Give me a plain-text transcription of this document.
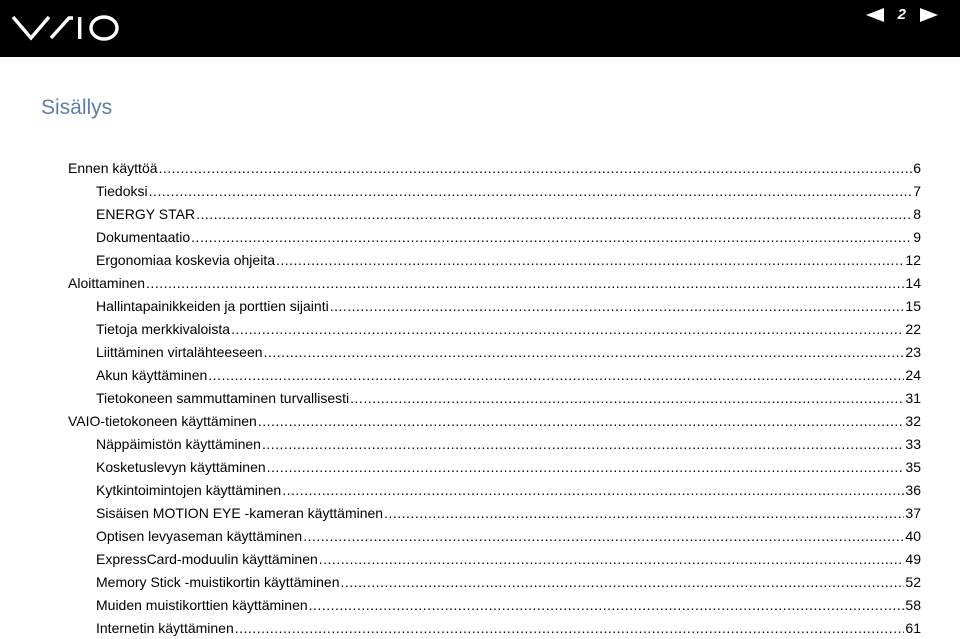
2
Sisällys
Ennen käyttöä .....	6
Tiedoksi .....	7
ENERGY STAR .....	8
Dokumentaatio .....	9
Ergonomiaa koskevia ohjeita .....	12
Aloittaminen .....	14
Hallintapainikkeiden ja porttien sijainti .....	15
Tietoja merkkivaloista .....	22
Liittäminen virtalähteeseen .....	23
Akun käyttäminen .....	24
Tietokoneen sammuttaminen turvallisesti .....	31
VAIO-tietokoneen käyttäminen .....	32
Näppäimistön käyttäminen .....	33
Kosketuslevyn käyttäminen .....	35
Kytkintoimintojen käyttäminen .....	36
Sisäisen MOTION EYE -kameran käyttäminen .....	37
Optisen levyaseman käyttäminen .....	40
ExpressCard-moduulin käyttäminen .....	49
Memory Stick -muistikortin käyttäminen .....	52
Muiden muistikorttien käyttäminen .....	58
Internetin käyttäminen .....	61
